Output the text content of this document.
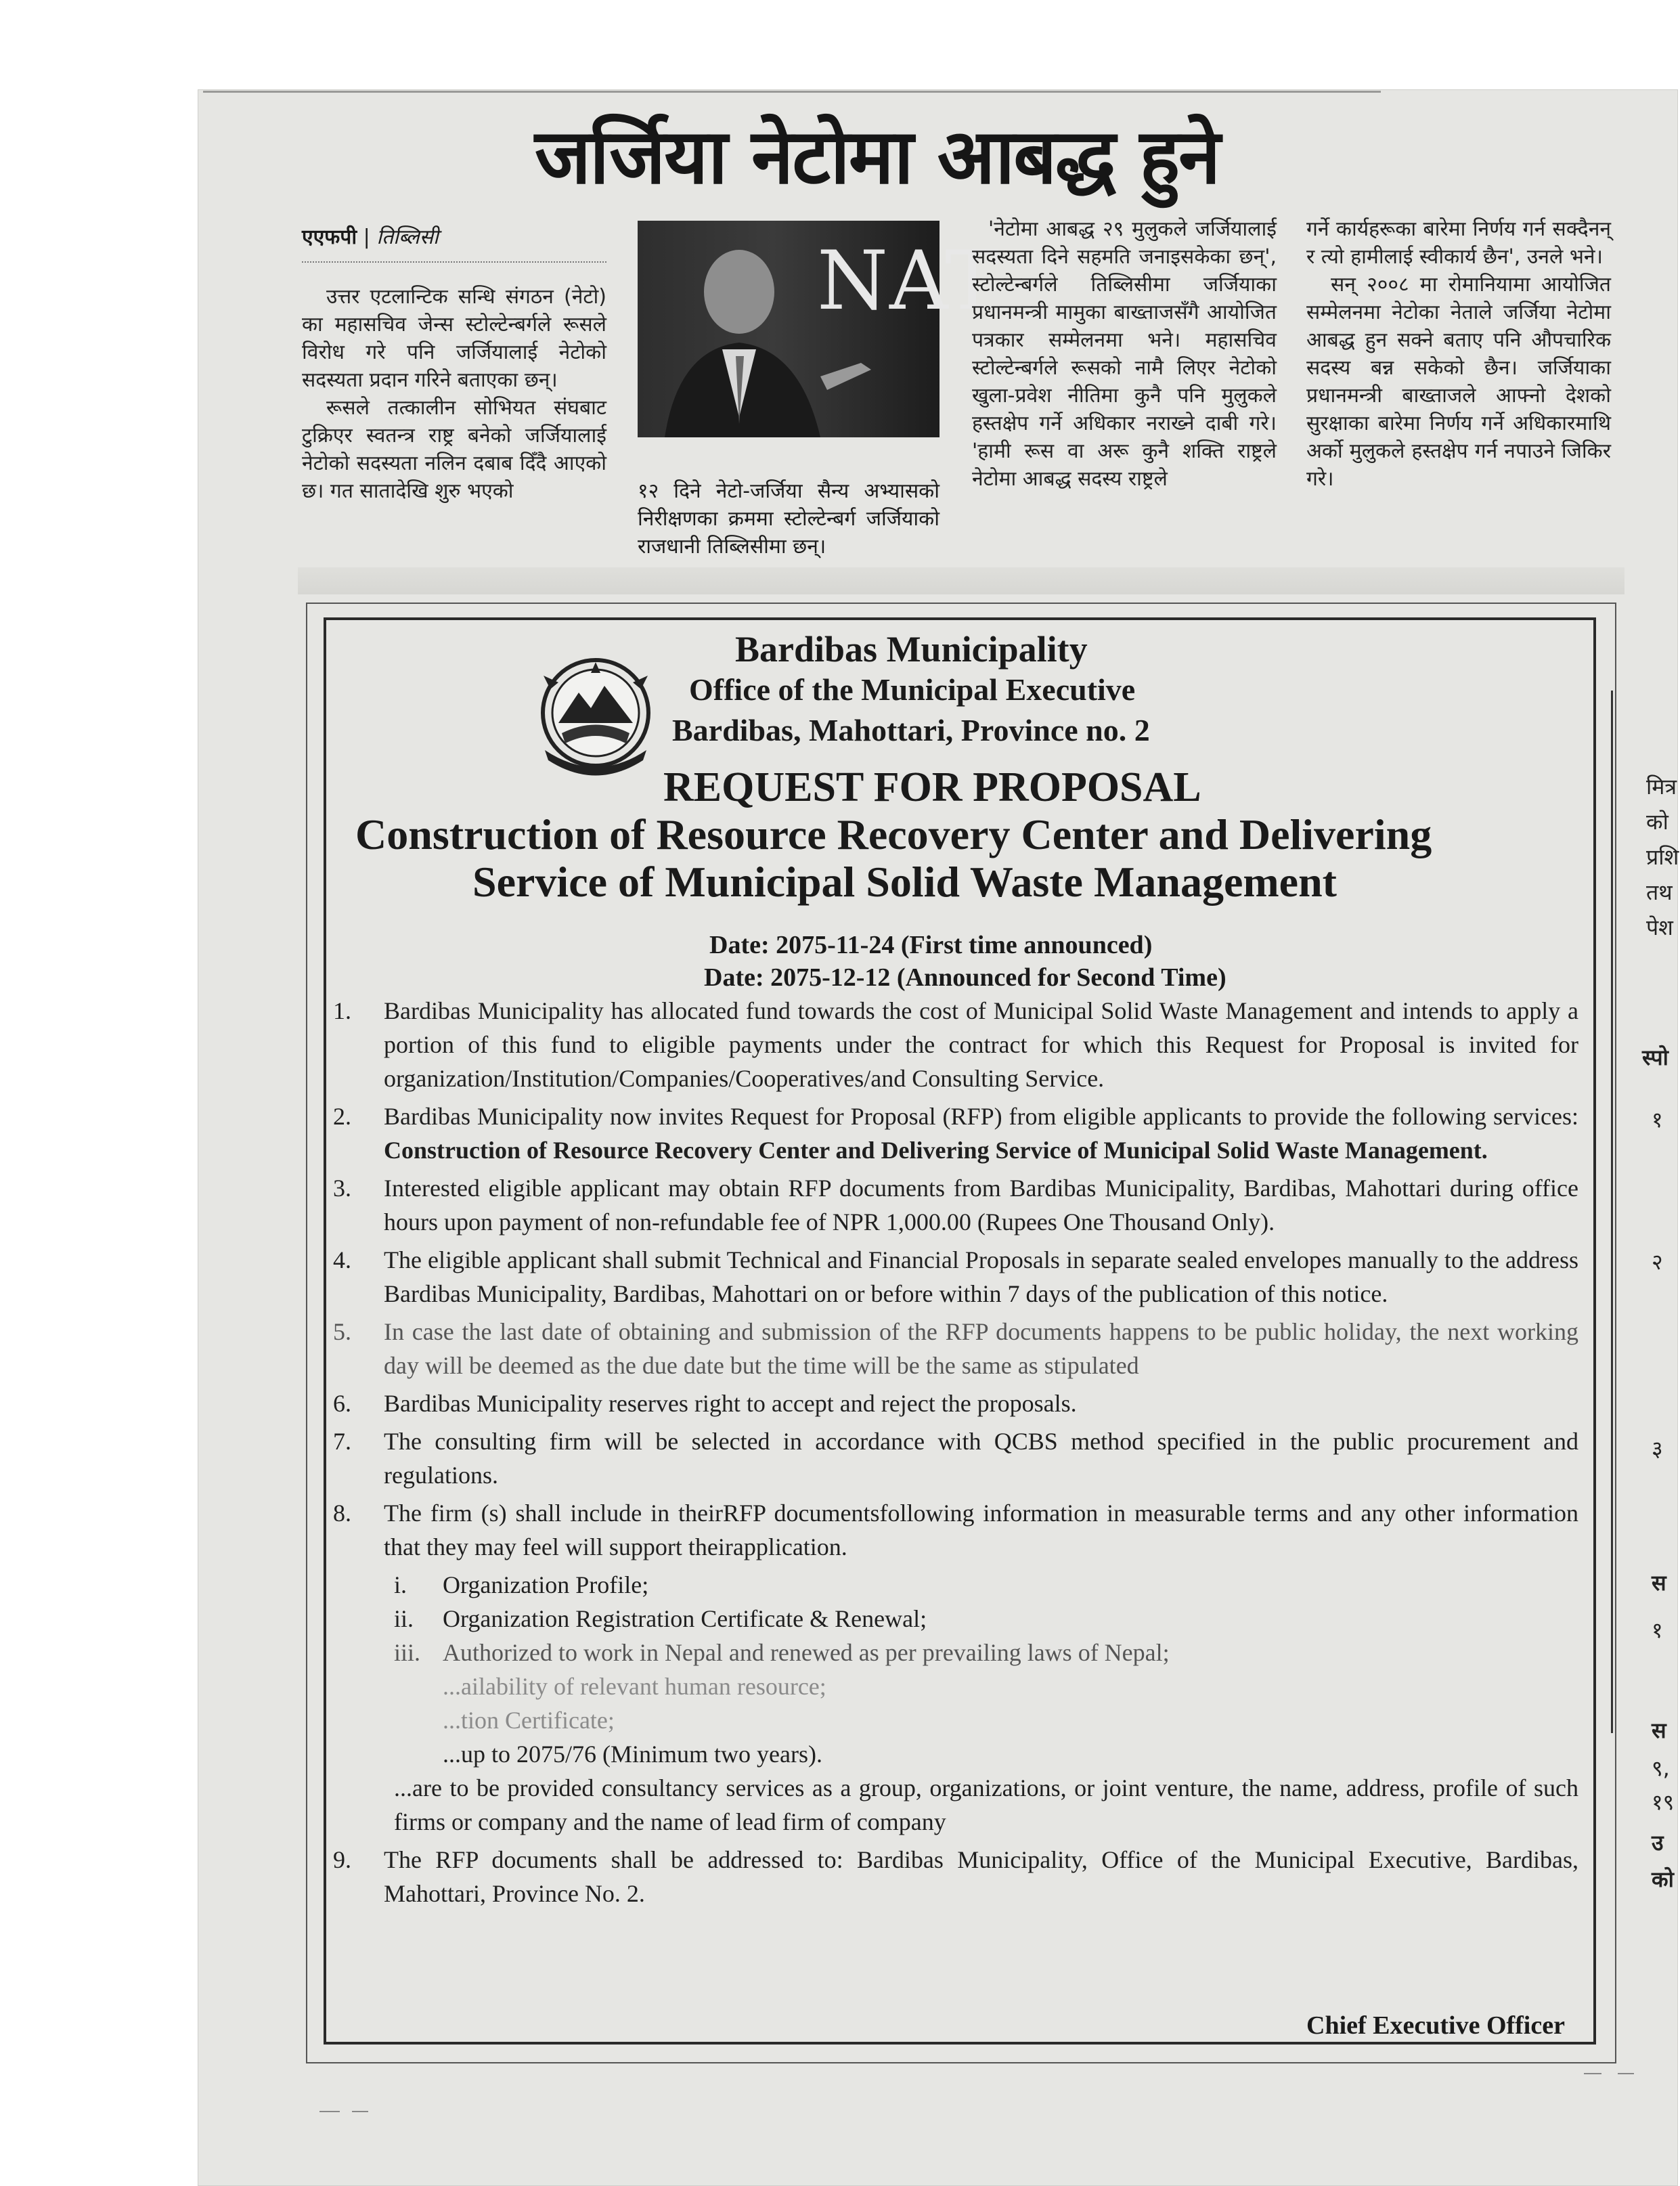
जर्जिया नेटोमा आबद्ध हुने
एएफपी | तिब्लिसी

उत्तर एटलान्टिक सन्धि संगठन (नेटो) का महासचिव जेन्स स्टोल्टेन्बर्गले रूसले विरोध गरे पनि जर्जियालाई नेटोको सदस्यता प्रदान गरिने बताएका छन्।

रूसले तत्कालीन सोभियत संघबाट टुक्रिएर स्वतन्त्र राष्ट्र बनेको जर्जियालाई नेटोको सदस्यता नलिन दबाब दिँदै आएको छ। गत सातादेखि शुरु भएको

NAT
१२ दिने नेटो-जर्जिया सैन्य अभ्यासको निरीक्षणका क्रममा स्टोल्टेन्बर्ग जर्जियाको राजधानी तिब्लिसीमा छन्।

'नेटोमा आबद्ध २९ मुलुकले जर्जियालाई सदस्यता दिने सहमति जनाइसकेका छन्', स्टोल्टेन्बर्गले तिब्लिसीमा जर्जियाका प्रधानमन्त्री मामुका बाख्ताजसँगै आयोजित पत्रकार सम्मेलनमा भने। महासचिव स्टोल्टेन्बर्गले रूसको नामै लिएर नेटोको खुला-प्रवेश नीतिमा कुनै पनि मुलुकले हस्तक्षेप गर्ने अधिकार नराख्ने दाबी गरे। 'हामी रूस वा अरू कुनै शक्ति राष्ट्रले नेटोमा आबद्ध सदस्य राष्ट्रले

गर्ने कार्यहरूका बारेमा निर्णय गर्न सक्दैनन् र त्यो हामीलाई स्वीकार्य छैन', उनले भने।

सन् २००८ मा रोमानियामा आयोजित सम्मेलनमा नेटोका नेताले जर्जिया नेटोमा आबद्ध हुन सक्ने बताए पनि औपचारिक सदस्य बन्न सकेको छैन। जर्जियाका प्रधानमन्त्री बाख्ताजले आफ्नो देशको सुरक्षाका बारेमा निर्णय गर्ने अधिकारमाथि अर्को मुलुकले हस्तक्षेप गर्न नपाउने जिकिर गरे।

Bardibas Municipality
Office of the Municipal Executive
Bardibas, Mahottari, Province no. 2
REQUEST FOR PROPOSAL
Construction of Resource Recovery Center and Delivering
Service of Municipal Solid Waste Management
Date: 2075-11-24 (First time announced)
Date: 2075-12-12 (Announced for Second Time)
1.	Bardibas Municipality has allocated fund towards the cost of Municipal Solid Waste Management and intends to apply a portion of this fund to eligible payments under the contract for which this Request for Proposal is invited for organization/Institution/Companies/Cooperatives/and Consulting Service.
2.	Bardibas Municipality now invites Request for Proposal (RFP) from eligible applicants to provide the following services: Construction of Resource Recovery Center and Delivering Service of Municipal Solid Waste Management.
3.	Interested eligible applicant may obtain RFP documents from Bardibas Municipality, Bardibas, Mahottari during office hours upon payment of non-refundable fee of NPR 1,000.00 (Rupees One Thousand Only).
4.	The eligible applicant shall submit Technical and Financial Proposals in separate sealed envelopes manually to the address Bardibas Municipality, Bardibas, Mahottari on or before within 7 days of the publication of this notice.
5.	In case the last date of obtaining and submission of the RFP documents happens to be public holiday, the next working day will be deemed as the due date but the time will be the same as stipulated
6.	Bardibas Municipality reserves right to accept and reject the proposals.
7.	The consulting firm will be selected in accordance with QCBS method specified in the public procurement and regulations.
8.	The firm (s) shall include in theirRFP documentsfollowing information in measurable terms and any other information that they may feel will support theirapplication.
i.	Organization Profile;
ii.	Organization Registration Certificate & Renewal;
iii. Authorized to work in Nepal and renewed as per prevailing laws of Nepal;
...ailability of relevant human resource;
...tion Certificate;
...up to 2075/76 (Minimum two years).
...are to be provided consultancy services as a group, organizations, or joint venture, the name, address, profile of such firms or company and the name of lead firm of company
9.	The RFP documents shall be addressed to: Bardibas Municipality, Office of the Municipal Executive, Bardibas, Mahottari, Province No. 2.
Chief Executive Officer
मित्र
को
प्रशि
तथ
पेश
स्पो
१
२
३
स
१
स
९,
१९
उ
को
